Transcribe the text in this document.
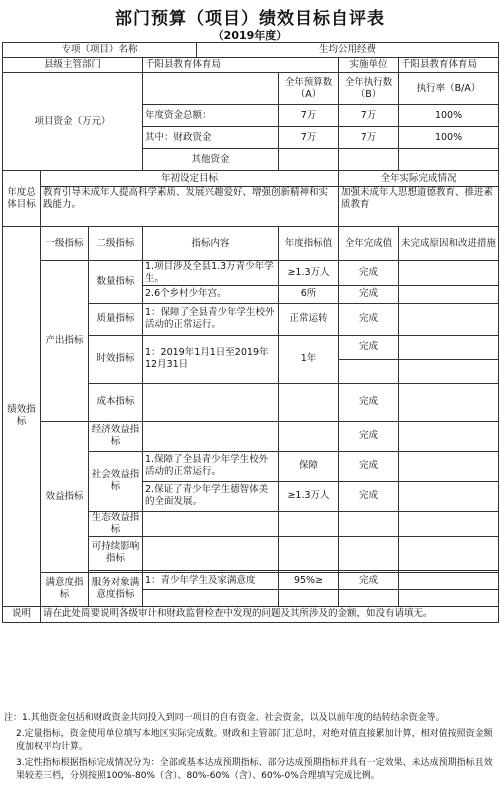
部门预算（项目）绩效目标自评表
（2019年度）
专项（项目）名称				生均公用经费			
县级主管部门			千阳县教育体育局			实施单位	千阳县教育体育局
项目资金（万元）					全年预算数（A）	全年执行数（B）	执行率（B/A）
			年度资金总额：		7万	7万	100%
			其中：财政资金		7万	7万	100%
			其他资金				
年度总体目标	年初设定目标					全年实际完成情况	
	教育引导未成年人提高科学素质、发展兴趣爱好、增强创新精神和实践能力。					加强未成年人思想道德教育、推进素质教育	
绩效指标	一级指标	二级指标	指标内容		年度指标值	全年完成值	未完成原因和改进措施
	产出指标	数量指标	1.项目涉及全县1.3万青少年学生。		≥1.3万人	完成	
			2.6个乡村少年宫。		6所	完成	
		质量指标	1：保障了全县青少年学生校外活动的正常运行。		正常运转	完成	
		时效指标	1：2019年1月1日至2019年12月31日		1年	完成	

		成本指标				完成	
	效益指标	经济效益指标				完成	
		社会效益指标	1.保障了全县青少年学生校外活动的正常运行。		保障	完成	
			2.保证了青少年学生德智体美的全面发展。		≥1.3万人	完成	
		生态效益指标					
		可持续影响指标					

	满意度指标	服务对象满意度指标	1：青少年学生及家满意度		95%≥	完成	

说明	请在此处简要说明各级审计和财政监督检查中发现的问题及其所涉及的金额，如没有请填无。						

注：1.其他资金包括和财政资金共同投入到同一项目的自有资金、社会资金，以及以前年度的结转结余资金等。

2.定量指标，资金使用单位填写本地区实际完成数。财政和主管部门汇总时，对绝对值直接累加计算，相对值按照资金额度加权平均计算。

3.定性指标根据指标完成情况分为：全部或基本达成预期指标、部分达成预期指标并具有一定效果、未达成预期指标且效果较差三档，分别按照100%-80%（含）、80%-60%（含）、60%-0%合理填写完成比例。
